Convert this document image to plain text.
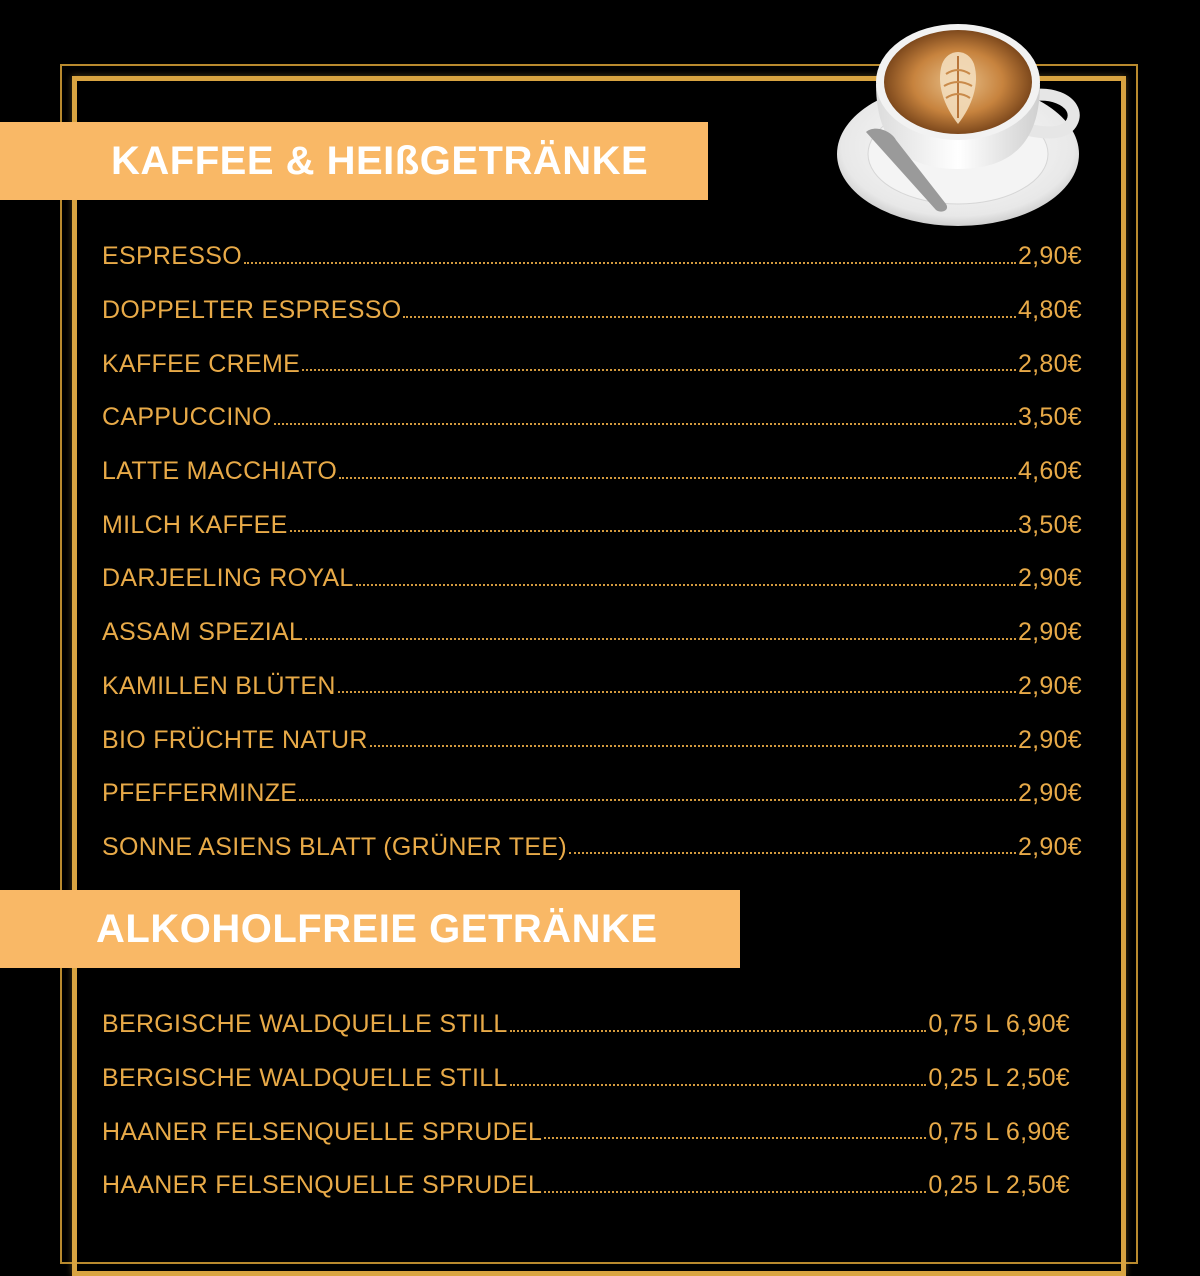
KAFFEE & HEIßGETRÄNKE
ESPRESSO	2,90€
DOPPELTER ESPRESSO	4,80€
KAFFEE CREME	2,80€
CAPPUCCINO	3,50€
LATTE MACCHIATO	4,60€
MILCH KAFFEE	3,50€
DARJEELING ROYAL	2,90€
ASSAM SPEZIAL	2,90€
KAMILLEN BLÜTEN	2,90€
BIO FRÜCHTE NATUR	2,90€
PFEFFERMINZE	2,90€
SONNE ASIENS BLATT (GRÜNER TEE)	2,90€
ALKOHOLFREIE GETRÄNKE
BERGISCHE WALDQUELLE STILL	0,75 L 6,90€
BERGISCHE WALDQUELLE STILL	0,25 L 2,50€
HAANER FELSENQUELLE SPRUDEL	0,75 L 6,90€
HAANER FELSENQUELLE SPRUDEL	0,25 L 2,50€
